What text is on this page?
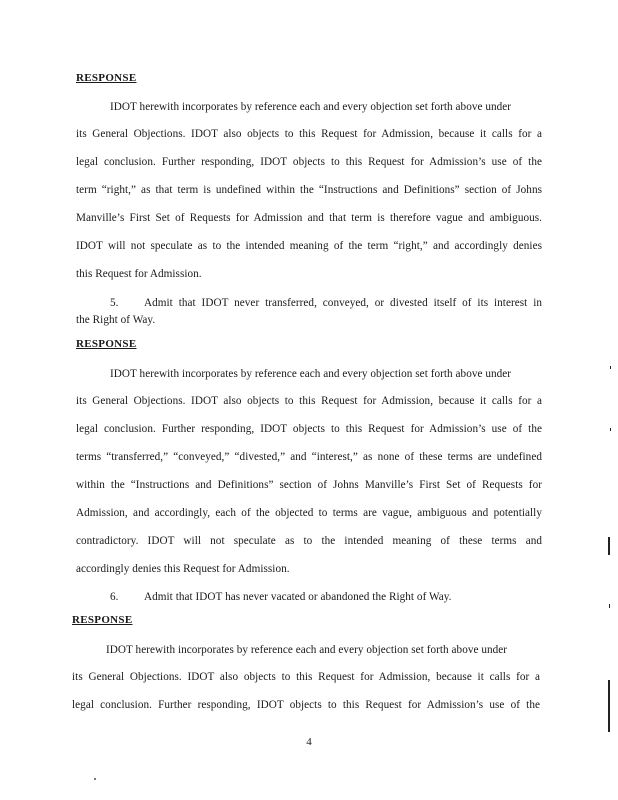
RESPONSE
IDOT herewith incorporates by reference each and every objection set forth above under
its General Objections. IDOT also objects to this Request for Admission, because it calls for a
legal conclusion. Further responding, IDOT objects to this Request for Admission’s use of the
term “right,” as that term is undefined within the “Instructions and Definitions” section of Johns
Manville’s First Set of Requests for Admission and that term is therefore vague and ambiguous.
IDOT will not speculate as to the intended meaning of the term “right,” and accordingly denies
this Request for Admission.
5. Admit that IDOT never transferred, conveyed, or divested itself of its interest in
the Right of Way.
RESPONSE
IDOT herewith incorporates by reference each and every objection set forth above under
its General Objections. IDOT also objects to this Request for Admission, because it calls for a
legal conclusion. Further responding, IDOT objects to this Request for Admission’s use of the
terms “transferred,” “conveyed,” “divested,” and “interest,” as none of these terms are undefined
within the “Instructions and Definitions” section of Johns Manville’s First Set of Requests for
Admission, and accordingly, each of the objected to terms are vague, ambiguous and potentially
contradictory. IDOT will not speculate as to the intended meaning of these terms and
accordingly denies this Request for Admission.
6. Admit that IDOT has never vacated or abandoned the Right of Way.
RESPONSE
IDOT herewith incorporates by reference each and every objection set forth above under
its General Objections. IDOT also objects to this Request for Admission, because it calls for a
legal conclusion. Further responding, IDOT objects to this Request for Admission’s use of the
4
